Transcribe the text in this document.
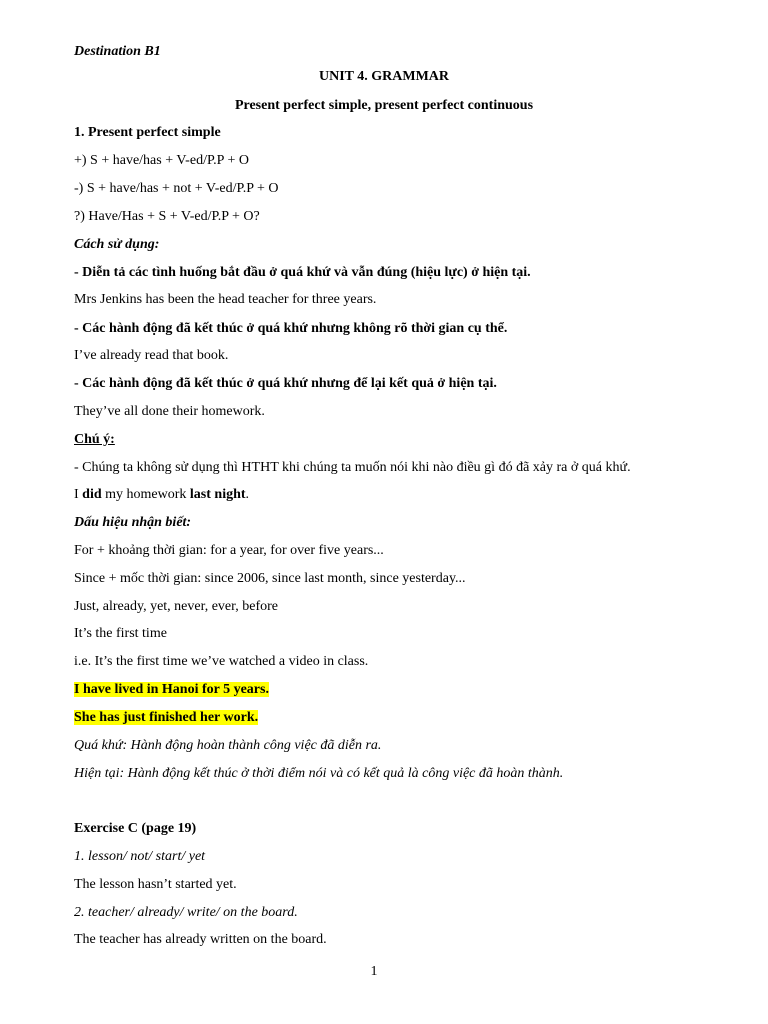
Destination B1
UNIT 4. GRAMMAR
Present perfect simple, present perfect continuous
1. Present perfect simple
+) S + have/has + V-ed/P.P + O
-) S + have/has + not + V-ed/P.P + O
?) Have/Has + S + V-ed/P.P + O?
Cách sử dụng:
- Diễn tả các tình huống bắt đầu ở quá khứ và vẫn đúng (hiệu lực) ở hiện tại.
Mrs Jenkins has been the head teacher for three years.
- Các hành động đã kết thúc ở quá khứ nhưng không rõ thời gian cụ thể.
I’ve already read that book.
- Các hành động đã kết thúc ở quá khứ nhưng để lại kết quả ở hiện tại.
They’ve all done their homework.
Chú ý:
- Chúng ta không sử dụng thì HTHT khi chúng ta muốn nói khi nào điều gì đó đã xảy ra ở quá khứ.
I did my homework last night.
Dấu hiệu nhận biết:
For + khoảng thời gian: for a year, for over five years...
Since + mốc thời gian: since 2006, since last month, since yesterday...
Just, already, yet, never, ever, before
It’s the first time
i.e. It’s the first time we’ve watched a video in class.
I have lived in Hanoi for 5 years.
She has just finished her work.
Quá khứ: Hành động hoàn thành công việc đã diễn ra.
Hiện tại: Hành động kết thúc ở thời điểm nói và có kết quả là công việc đã hoàn thành.
Exercise C (page 19)
1. lesson/ not/ start/ yet
The lesson hasn’t started yet.
2. teacher/ already/ write/ on the board.
The teacher has already written on the board.
1
